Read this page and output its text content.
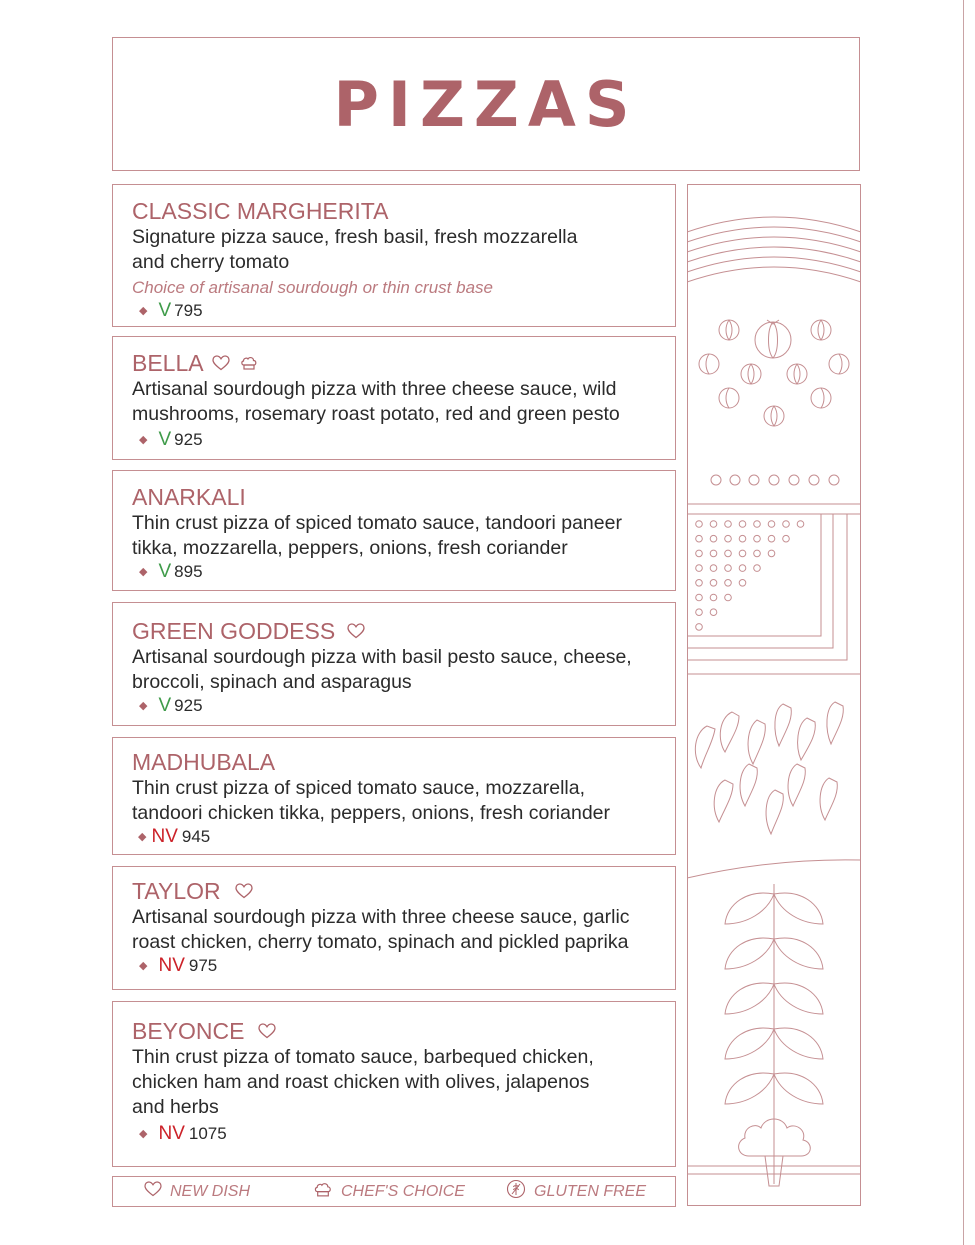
PIZZAS
CLASSIC MARGHERITA
Signature pizza sauce, fresh basil, fresh mozzarella
and cherry tomato
Choice of artisanal sourdough or thin crust base
◆ V 795
BELLA
Artisanal sourdough pizza with three cheese sauce, wild
mushrooms, rosemary roast potato, red and green pesto
◆ V 925
ANARKALI
Thin crust pizza of spiced tomato sauce, tandoori paneer
tikka, mozzarella, peppers, onions, fresh coriander
◆ V 895
GREEN GODDESS
Artisanal sourdough pizza with basil pesto sauce, cheese,
broccoli, spinach and asparagus
◆ V 925
MADHUBALA
Thin crust pizza of spiced tomato sauce, mozzarella,
tandoori chicken tikka, peppers, onions, fresh coriander
◆ NV 945
TAYLOR
Artisanal sourdough pizza with three cheese sauce, garlic
roast chicken, cherry tomato, spinach and pickled paprika
◆ NV 975
BEYONCE
Thin crust pizza of tomato sauce, barbequed chicken,
chicken ham and roast chicken with olives, jalapenos
and herbs
◆ NV 1075
NEW DISH	CHEF'S CHOICE	GLUTEN FREE
